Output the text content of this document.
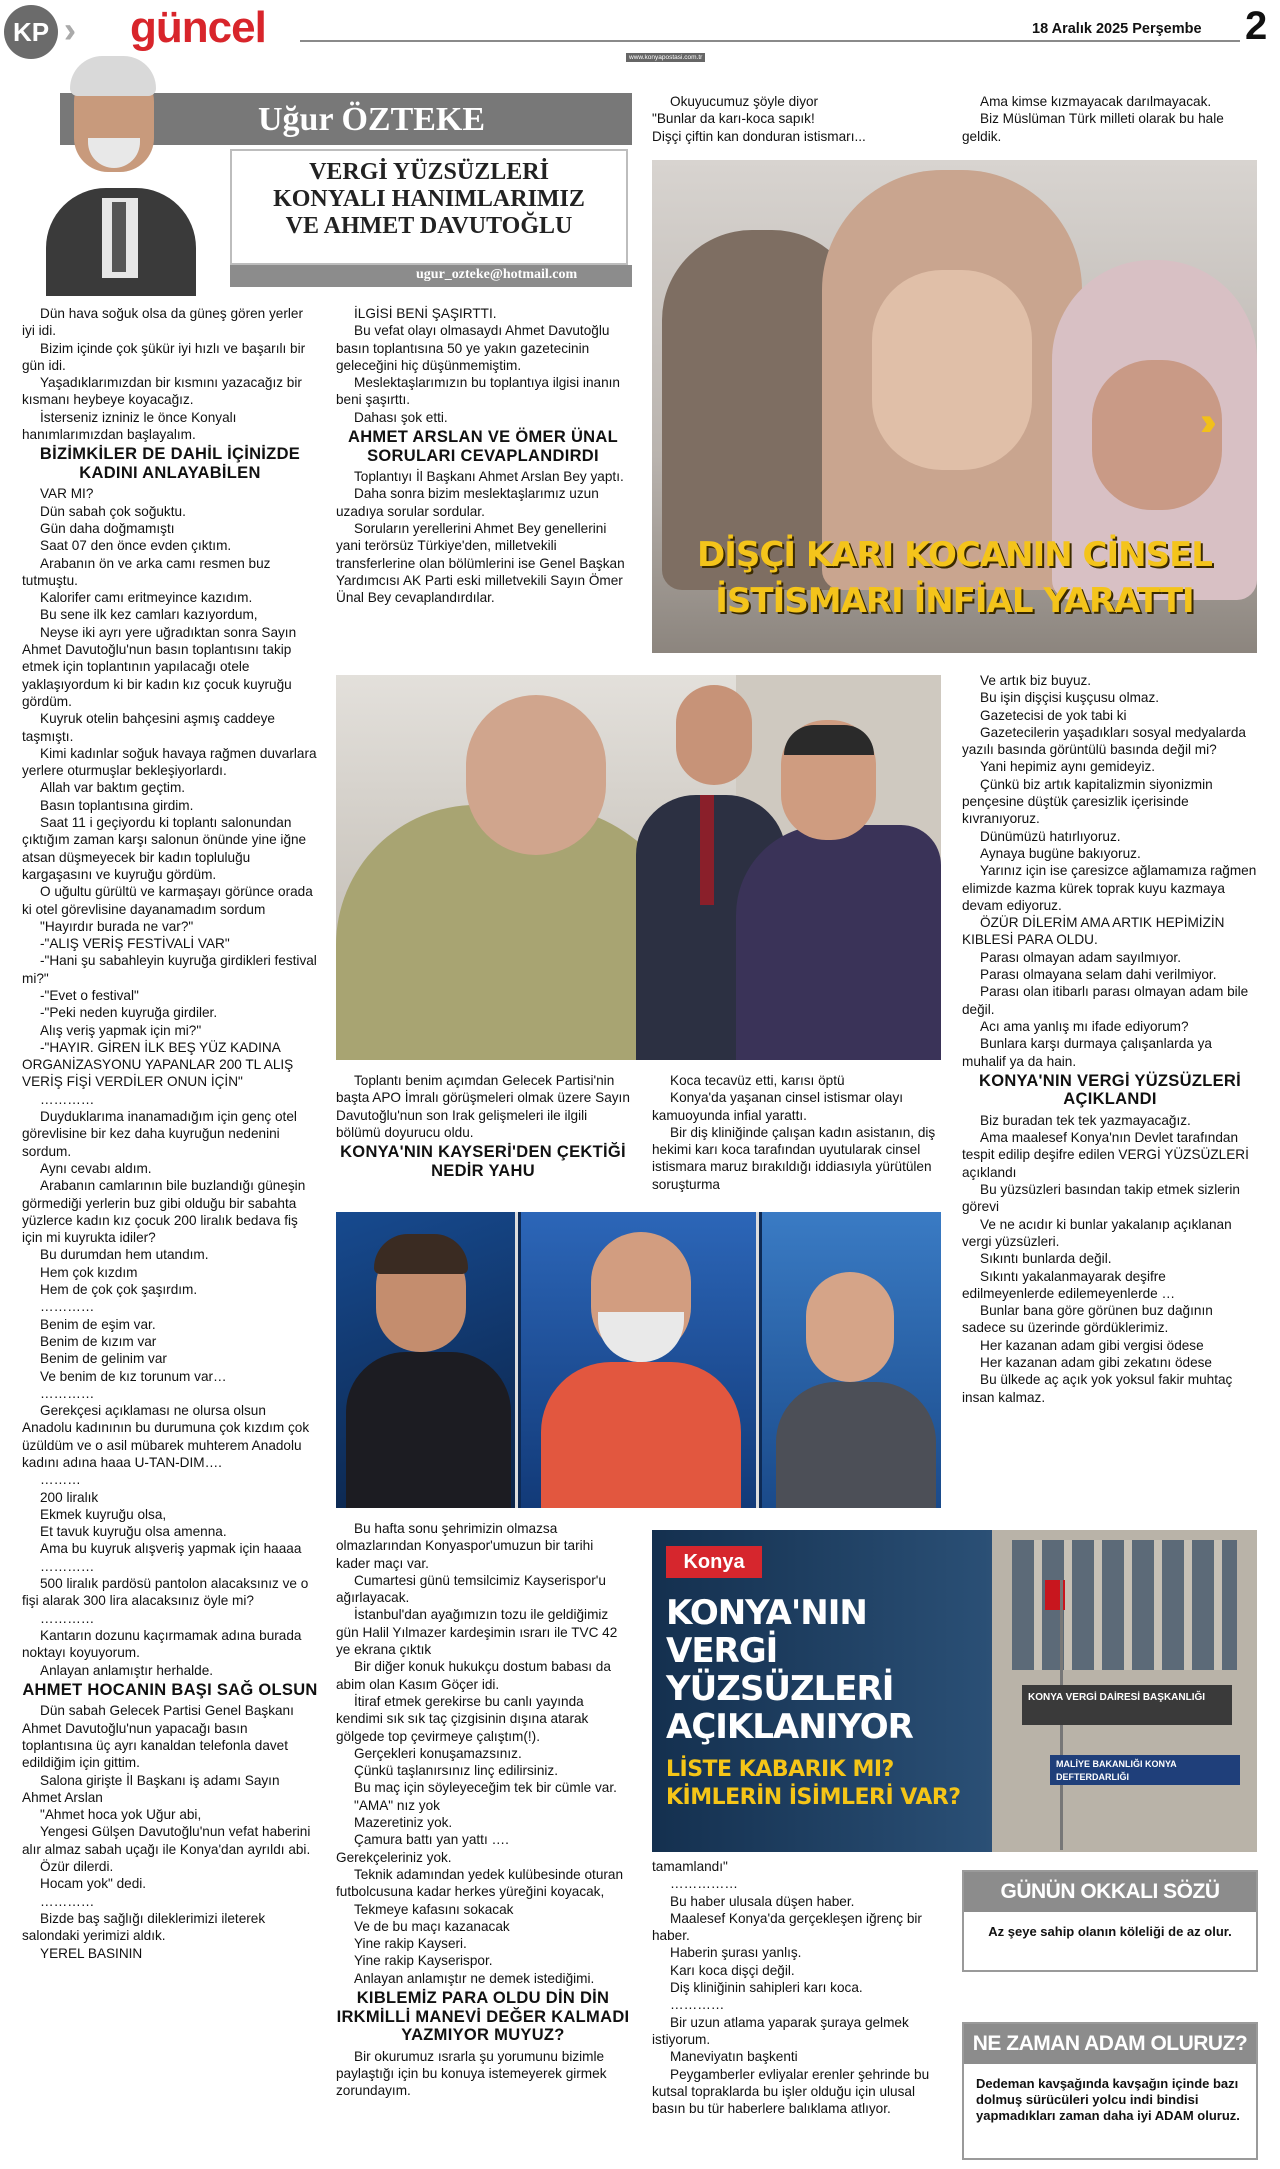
KP güncel
www.konyapostasi.com.tr
18 Aralık 2025 Perşembe 2
Uğur ÖZTEKE
VERGİ YÜZSÜZLERİ
KONYALI HANIMLARIMIZ
VE AHMET DAVUTOĞLU
ugur_ozteke@hotmail.com

Dün hava soğuk olsa da güneş gören yerler iyi idi.

Bizim içinde çok şükür iyi hızlı ve başarılı bir gün idi.

Yaşadıklarımızdan bir kısmını yazacağız bir kısmanı heybeye koyacağız.

İsterseniz izniniz le önce Konyalı hanımlarımızdan başlayalım.

BİZİMKİLER DE DAHİL İÇİNİZDE KADINI ANLAYABİLEN

VAR MI?

Dün sabah çok soğuktu.

Gün daha doğmamıştı

Saat 07 den önce evden çıktım.

Arabanın ön ve arka camı resmen buz tutmuştu.

Kalorifer camı eritmeyince kazıdım.

Bu sene ilk kez camları kazıyordum,

Neyse iki ayrı yere uğradıktan sonra Sayın Ahmet Davutoğlu'nun basın toplantısını takip etmek için toplantının yapılacağı otele yaklaşıyordum ki bir kadın kız çocuk kuyruğu gördüm.

Kuyruk otelin bahçesini aşmış caddeye taşmıştı.

Kimi kadınlar soğuk havaya rağmen duvarlara yerlere oturmuşlar bekleşiyorlardı.

Allah var baktım geçtim.

Basın toplantısına girdim.

Saat 11 i geçiyordu ki toplantı salonundan çıktığım zaman karşı salonun önünde yine iğne atsan düşmeyecek bir kadın topluluğu kargaşasını ve kuyruğu gördüm.

O uğultu gürültü ve karmaşayı görünce orada ki otel görevlisine dayanamadım sordum

"Hayırdır burada ne var?"

-"ALIŞ VERİŞ FESTİVALİ VAR"

-"Hani şu sabahleyin kuyruğa girdikleri festival mi?"

-"Evet o festival"

-"Peki neden kuyruğa girdiler.

Alış veriş yapmak için mi?"

-"HAYIR. GİREN İLK BEŞ YÜZ KADINA ORGANİZASYONU YAPANLAR 200 TL ALIŞ VERİŞ FİŞİ VERDİLER ONUN İÇİN"

…………

Duyduklarıma inanamadığım için genç otel görevlisine bir kez daha kuyruğun nedenini sordum.

Aynı cevabı aldım.

Arabanın camlarının bile buzlandığı güneşin görmediği yerlerin buz gibi olduğu bir sabahta yüzlerce kadın kız çocuk 200 liralık bedava fiş için mi kuyrukta idiler?

Bu durumdan hem utandım.

Hem çok kızdım

Hem de çok çok şaşırdım.

…………

Benim de eşim var.

Benim de kızım var

Benim de gelinim var

Ve benim de kız torunum var…

…………

Gerekçesi açıklaması ne olursa olsun Anadolu kadınının bu durumuna çok kızdım çok üzüldüm ve o asil mübarek muhterem Anadolu kadını adına haaa U-TAN-DIM….

………

200 liralık

Ekmek kuyruğu olsa,

Et tavuk kuyruğu olsa amenna.

Ama bu kuyruk alışveriş yapmak için haaaa

…………

500 liralık pardösü pantolon alacaksınız ve o fişi alarak 300 lira alacaksınız öyle mi?

…………

Kantarın dozunu kaçırmamak adına burada noktayı koyuyorum.

Anlayan anlamıştır herhalde.

AHMET HOCANIN BAŞI SAĞ OLSUN

Dün sabah Gelecek Partisi Genel Başkanı Ahmet Davutoğlu'nun yapacağı basın toplantısına üç ayrı kanaldan telefonla davet edildiğim için gittim.

Salona girişte İl Başkanı iş adamı Sayın Ahmet Arslan

"Ahmet hoca yok Uğur abi,

Yengesi Gülşen Davutoğlu'nun vefat haberini alır almaz sabah uçağı ile Konya'dan ayrıldı abi.

Özür dilerdi.

Hocam yok" dedi.

…………

Bizde baş sağlığı dileklerimizi ileterek salondaki yerimizi aldık.

YEREL BASININ

İLGİSİ BENİ ŞAŞIRTTI.

Bu vefat olayı olmasaydı Ahmet Davutoğlu basın toplantısına 50 ye yakın gazetecinin geleceğini hiç düşünmemiştim.

Meslektaşlarımızın bu toplantıya ilgisi inanın beni şaşırttı.

Dahası şok etti.

AHMET ARSLAN VE ÖMER ÜNAL SORULARI CEVAPLANDIRDI

Toplantıyı İl Başkanı Ahmet Arslan Bey yaptı.

Daha sonra bizim meslektaşlarımız uzun uzadıya sorular sordular.

Soruların yerellerini Ahmet Bey genellerini yani terörsüz Türkiye'den, milletvekili transferlerine olan bölümlerini ise Genel Başkan Yardımcısı AK Parti eski milletvekili Sayın Ömer Ünal Bey cevaplandırdılar.

Okuyucumuz şöyle diyor

"Bunlar da karı-koca sapık!

Dişçi çiftin kan donduran istismarı...

Ama kimse kızmayacak darılmayacak.

Biz Müslüman Türk milleti olarak bu hale geldik.

››
DİŞÇİ KARI KOCANIN CİNSEL
İSTİSMARI İNFİAL YARATTI

Toplantı benim açımdan Gelecek Partisi'nin başta APO İmralı görüşmeleri olmak üzere Sayın Davutoğlu'nun son Irak gelişmeleri ile ilgili bölümü doyurucu oldu.

KONYA'NIN KAYSERİ'DEN ÇEKTİĞİ NEDİR YAHU

Koca tecavüz etti, karısı öptü

Konya'da yaşanan cinsel istismar olayı kamuoyunda infial yarattı.

Bir diş kliniğinde çalışan kadın asistanın, diş hekimi karı koca tarafından uyutularak cinsel istismara maruz bırakıldığı iddiasıyla yürütülen soruşturma

Ve artık biz buyuz.

Bu işin dişçisi kuşçusu olmaz.

Gazetecisi de yok tabi ki

Gazetecilerin yaşadıkları sosyal medyalarda yazılı basında görüntülü basında değil mi?

Yani hepimiz aynı gemideyiz.

Çünkü biz artık kapitalizmin siyonizmin pençesine düştük çaresizlik içerisinde kıvranıyoruz.

Dünümüzü hatırlıyoruz.

Aynaya bugüne bakıyoruz.

Yarınız için ise çaresizce ağlamamıza rağmen elimizde kazma kürek toprak kuyu kazmaya devam ediyoruz.

ÖZÜR DİLERİM AMA ARTIK HEPİMİZİN KIBLESİ PARA OLDU.

Parası olmayan adam sayılmıyor.

Parası olmayana selam dahi verilmiyor.

Parası olan itibarlı parası olmayan adam bile değil.

Acı ama yanlış mı ifade ediyorum?

Bunlara karşı durmaya çalışanlarda ya muhalif ya da hain.

KONYA'NIN VERGİ YÜZSÜZLERİ AÇIKLANDI

Biz buradan tek tek yazmayacağız.

Ama maalesef Konya'nın Devlet tarafından tespit edilip deşifre edilen VERGİ YÜZSÜZLERİ açıklandı

Bu yüzsüzleri basından takip etmek sizlerin görevi

Ve ne acıdır ki bunlar yakalanıp açıklanan vergi yüzsüzleri.

Sıkıntı bunlarda değil.

Sıkıntı yakalanmayarak deşifre edilmeyenlerde edilemeyenlerde …

Bunlar bana göre görünen buz dağının sadece su üzerinde gördüklerimiz.

Her kazanan adam gibi vergisi ödese

Her kazanan adam gibi zekatını ödese

Bu ülkede aç açık yok yoksul fakir muhtaç insan kalmaz.

Bu hafta sonu şehrimizin olmazsa olmazlarından Konyaspor'umuzun bir tarihi kader maçı var.

Cumartesi günü temsilcimiz Kayserispor'u ağırlayacak.

İstanbul'dan ayağımızın tozu ile geldiğimiz gün Halil Yılmazer kardeşimin ısrarı ile TVC 42 ye ekrana çıktık

Bir diğer konuk hukukçu dostum babası da abim olan Kasım Göçer idi.

İtiraf etmek gerekirse bu canlı yayında kendimi sık sık taç çizgisinin dışına atarak gölgede top çevirmeye çalıştım(!).

Gerçekleri konuşamazsınız.

Çünkü taşlanırsınız linç edilirsiniz.

Bu maç için söyleyeceğim tek bir cümle var.

"AMA" nız yok

Mazeretiniz yok.

Çamura battı yan yattı ….

Gerekçeleriniz yok.

Teknik adamından yedek kulübesinde oturan futbolcusuna kadar herkes yüreğini koyacak,

Tekmeye kafasını sokacak

Ve de bu maçı kazanacak

Yine rakip Kayseri.

Yine rakip Kayserispor.

Anlayan anlamıştır ne demek istediğimi.

KIBLEMİZ PARA OLDU DİN DİN IRKMİLLİ MANEVİ DEĞER KALMADI YAZMIYOR MUYUZ?

Bir okurumuz ısrarla şu yorumunu bizimle paylaştığı için bu konuya istemeyerek girmek zorundayım.

KONYA VERGİ DAİRESİ BAŞKANLIĞI
MALİYE BAKANLIĞI KONYA DEFTERDARLIĞI
Konya
KONYA'NIN
VERGİ
YÜZSÜZLERİ
AÇIKLANIYOR
LİSTE KABARIK MI?
KİMLERİN İSİMLERİ VAR?

tamamlandı"

……………

Bu haber ulusala düşen haber.

Maalesef Konya'da gerçekleşen iğrenç bir haber.

Haberin şurası yanlış.

Karı koca dişçi değil.

Diş kliniğinin sahipleri karı koca.

…………

Bir uzun atlama yaparak şuraya gelmek istiyorum.

Maneviyatın başkenti

Peygamberler evliyalar erenler şehrinde bu kutsal topraklarda bu işler olduğu için ulusal basın bu tür haberlere balıklama atlıyor.

GÜNÜN OKKALI SÖZÜ
Az şeye sahip olanın köleliği de az olur.
NE ZAMAN ADAM OLURUZ?
Dedeman kavşağında kavşağın içinde bazı dolmuş sürücüleri yolcu indi bindisi yapmadıkları zaman daha iyi ADAM oluruz.
